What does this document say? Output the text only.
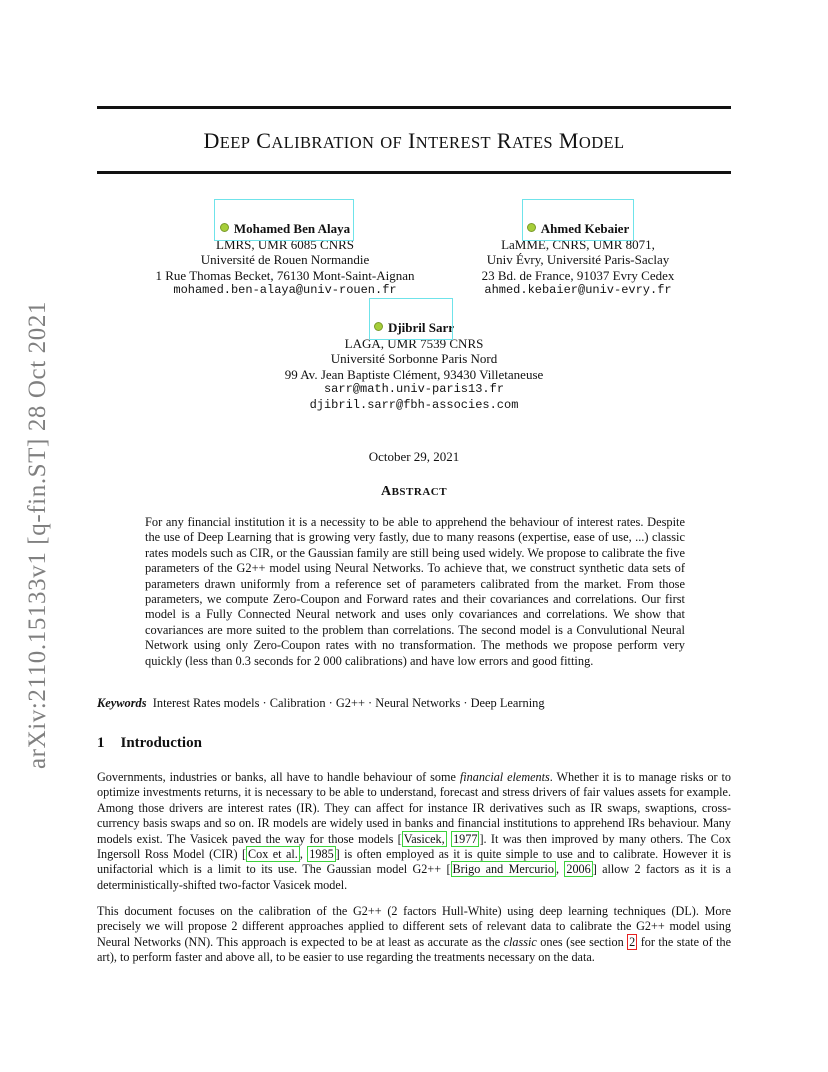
arXiv:2110.15133v1 [q-fin.ST] 28 Oct 2021
DEEP CALIBRATION OF INTEREST RATES MODEL
Mohamed Ben Alaya
LMRS, UMR 6085 CNRS
Université de Rouen Normandie
1 Rue Thomas Becket, 76130 Mont-Saint-Aignan
mohamed.ben-alaya@univ-rouen.fr
Ahmed Kebaier
LaMME, CNRS, UMR 8071,
Univ Évry, Université Paris-Saclay
23 Bd. de France, 91037 Evry Cedex
ahmed.kebaier@univ-evry.fr
Djibril Sarr
LAGA, UMR 7539 CNRS
Université Sorbonne Paris Nord
99 Av. Jean Baptiste Clément, 93430 Villetaneuse
sarr@math.univ-paris13.fr
djibril.sarr@fbh-associes.com
October 29, 2021
ABSTRACT
For any financial institution it is a necessity to be able to apprehend the behaviour of interest rates. Despite the use of Deep Learning that is growing very fastly, due to many reasons (expertise, ease of use, ...) classic rates models such as CIR, or the Gaussian family are still being used widely. We propose to calibrate the five parameters of the G2++ model using Neural Networks. To achieve that, we construct synthetic data sets of parameters drawn uniformly from a reference set of parameters calibrated from the market. From those parameters, we compute Zero-Coupon and Forward rates and their covariances and correlations. Our first model is a Fully Connected Neural network and uses only covariances and correlations. We show that covariances are more suited to the problem than correlations. The second model is a Convulutional Neural Network using only Zero-Coupon rates with no transformation. The methods we propose perform very quickly (less than 0.3 seconds for 2 000 calibrations) and have low errors and good fitting.
Keywords Interest Rates models · Calibration · G2++ · Neural Networks · Deep Learning
1 Introduction
Governments, industries or banks, all have to handle behaviour of some financial elements. Whether it is to manage risks or to optimize investments returns, it is necessary to be able to understand, forecast and stress drivers of fair values assets for example. Among those drivers are interest rates (IR). They can affect for instance IR derivatives such as IR swaps, swaptions, cross-currency basis swaps and so on. IR models are widely used in banks and financial institutions to apprehend IRs behaviour. Many models exist. The Vasicek paved the way for those models [ Vasicek, 1977 ]. It was then improved by many others. The Cox Ingersoll Ross Model (CIR) [ Cox et al. , 1985 ] is often employed as it is quite simple to use and to calibrate. However it is unifactorial which is a limit to its use. The Gaussian model G2++ [ Brigo and Mercurio , 2006 ] allow 2 factors as it is a deterministically-shifted two-factor Vasicek model.
This document focuses on the calibration of the G2++ (2 factors Hull-White) using deep learning techniques (DL). More precisely we will propose 2 different approaches applied to different sets of relevant data to calibrate the G2++ model using Neural Networks (NN). This approach is expected to be at least as accurate as the classic ones (see section 2 for the state of the art), to perform faster and above all, to be easier to use regarding the treatments necessary on the data.
